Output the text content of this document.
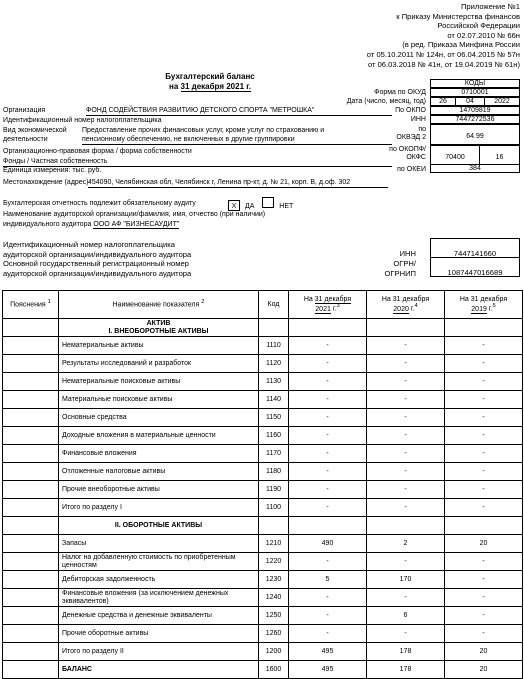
Приложение №1
к Приказу Министерства финансов
Российской Федерации
от 02.07.2010 № 66н
(в ред. Приказа Минфина России
от 05.10.2011 № 124н, от 06.04.2015 № 57н
от 06.03.2018 № 41н, от 19.04.2019 № 61н)
Бухгалтерский баланс
на 31 декабря 2021 г.	КОДЫ
Форма по ОКУД	0710001
Дата (число, месяц, год)	26	04	2022
По ОКПО	14709819
ИНН	7447272536
по
ОКВЭД 2	64.99
по ОКОПФ/
ОКФС	70400	16
по ОКЕИ	384
Организация	ФОНД СОДЕЙСТВИЯ РАЗВИТИЮ ДЕТСКОГО СПОРТА "МЕТРОШКА"
Идентификационный номер налогоплательщика
Вид экономической
деятельности
Предоставление прочих финансовых услуг, кроме услуг по страхованию и
пенсионному обеспечению, не включенных в другие группировки
Организационно-правовая форма / форма собственности
Фонды / Частная собственность
Единица измерения: тыс. руб.
Местонахождение (адрес) 454090, Челябинская обл, Челябинск г, Ленина пр-кт, д. № 21, корп. В, д.оф. 302
Бухгалтерская отчетность подлежит обязательному аудиту	X ДА	НЕТ
Наименование аудиторской организации/фамилия, имя, отчество (при наличии)
индивидуального аудитора ООО АФ "БИЗНЕСАУДИТ"
Идентификационный номер налогоплательщика
аудиторской организации/индивидуального аудитора	ИНН	7447141660
Основной государственный регистрационный номер
аудиторской организации/индивидуального аудитора
ОГРН/
ОГРНИП	1087447016689
Пояснения $^1$	Наименование показателя $^2$	Код	На 31 декабря
2021 г.$^3$	На 31 декабря
2020 г.$^4$	На 31 декабря
2019 г.$^5$

	АКТИВ
I. ВНЕОБОРОТНЫЕ АКТИВЫ				

	Нематериальные активы	1110	-	-	-
	Результаты исследований и разработок	1120	-	-	-
	Нематериальные поисковые активы	1130	-	-	-
	Материальные поисковые активы	1140	-	-	-
	Основные средства	1150	-	-	-
	Доходные вложения в материальные ценности	1160	-	-	-
	Финансовые вложения	1170	-	-	-
	Отложенные налоговые активы	1180	-	-	-
	Прочие внеоборотные активы	1190	-	-	-
	Итого по разделу I	1100	-	-	-
	II. ОБОРОТНЫЕ АКТИВЫ				
	Запасы	1210	490	2	20
	Налог на добавленную стоимость по приобретенным ценностям	1220	-	-	-
	Дебиторская задолженность	1230	5	170	-
	Финансовые вложения (за исключением денежных эквивалентов)	1240	-	-	-
	Денежные средства и денежные эквиваленты	1250	-	6	-
	Прочие оборотные активы	1260	-	-	-
	Итого по разделу II	1200	495	178	20
	БАЛАНС	1600	495	178	20
